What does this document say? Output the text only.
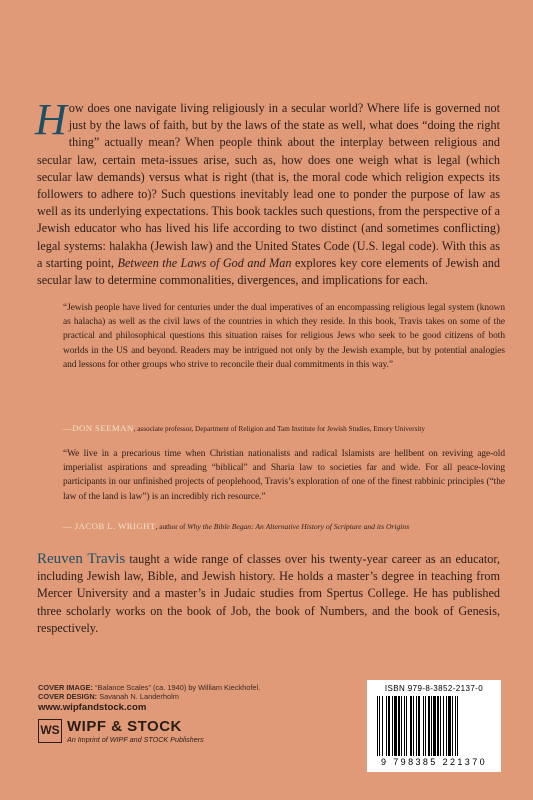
How does one navigate living religiously in a secular world? Where life is governed not just by the laws of faith, but by the laws of the state as well, what does “doing the right thing” actually mean? When people think about the interplay between religious and secular law, certain meta-issues arise, such as, how does one weigh what is legal (which secular law demands) versus what is right (that is, the moral code which religion expects its followers to adhere to)? Such questions inevitably lead one to ponder the purpose of law as well as its underlying expectations. This book tackles such questions, from the perspective of a Jewish educator who has lived his life according to two distinct (and sometimes conflicting) legal systems: halakha (Jewish law) and the United States Code (U.S. legal code). With this as a starting point, Between the Laws of God and Man explores key core elements of Jewish and secular law to determine commonalities, divergences, and implications for each.

“Jewish people have lived for centuries under the dual imperatives of an encompassing religious legal system (known as halacha) as well as the civil laws of the countries in which they reside. In this book, Travis takes on some of the practical and philosophical questions this situation raises for religious Jews who seek to be good citizens of both worlds in the US and beyond. Readers may be intrigued not only by the Jewish example, but by potential analogies and lessons for other groups who strive to reconcile their dual commitments in this way.”

—DON SEEMAN, associate professor, Department of Religion and Tam Institute for Jewish Studies, Emory University

“We live in a precarious time when Christian nationalists and radical Islamists are hellbent on reviving age-old imperialist aspirations and spreading “biblical” and Sharia law to societies far and wide. For all peace-loving participants in our unfinished projects of peoplehood, Travis’s exploration of one of the finest rabbinic principles (“the law of the land is law”) is an incredibly rich resource.”

— JACOB L. WRIGHT, author of Why the Bible Began: An Alternative History of Scripture and its Origins

Reuven Travis taught a wide range of classes over his twenty-year career as an educator, including Jewish law, Bible, and Jewish history. He holds a master’s degree in teaching from Mercer University and a master’s in Judaic studies from Spertus College. He has published three scholarly works on the book of Job, the book of Numbers, and the book of Genesis, respectively.

COVER IMAGE: “Balance Scales” (ca. 1940) by William Kieckhofel.
COVER DESIGN: Savanah N. Landerholm
www.wipfandstock.com
WS WIPF & STOCK
An Imprint of WIPF and STOCK Publishers
ISBN 979-8-3852-2137-0
9 798385 221370
